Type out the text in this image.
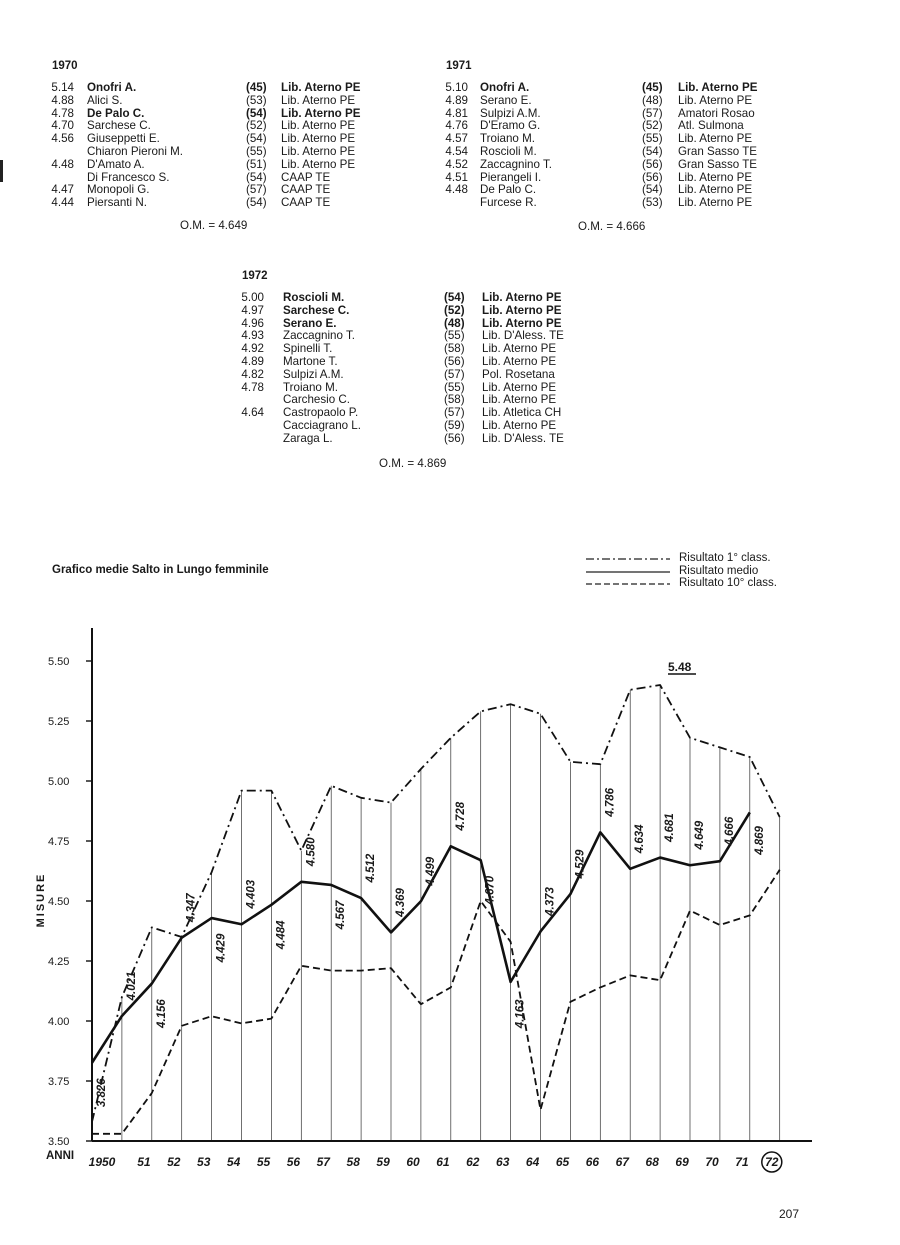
1970
5.14 Onofri A.	(45) Lib. Aterno PE
4.88 Alici S.	(53) Lib. Aterno PE
4.78 De Palo C.	(54) Lib. Aterno PE
4.70 Sarchese C.	(52) Lib. Aterno PE
4.56 Giuseppetti E.	(54) Lib. Aterno PE
Chiaron Pieroni M.	(55) Lib. Aterno PE
4.48 D'Amato A.	(51) Lib. Aterno PE
Di Francesco S.	(54) CAAP TE
4.47 Monopoli G.	(57) CAAP TE
4.44 Piersanti N.	(54) CAAP TE
O.M. = 4.649
1971
5.10 Onofri A.	(45) Lib. Aterno PE
4.89 Serano E.	(48) Lib. Aterno PE
4.81 Sulpizi A.M.	(57) Amatori Rosao
4.76 D'Eramo G.	(52) Atl. Sulmona
4.57 Troiano M.	(55) Lib. Aterno PE
4.54 Roscioli M.	(54) Gran Sasso TE
4.52 Zaccagnino T.	(56) Gran Sasso TE
4.51 Pierangeli I.	(56) Lib. Aterno PE
4.48 De Palo C.	(54) Lib. Aterno PE
Furcese R.	(53) Lib. Aterno PE
O.M. = 4.666
1972
5.00 Roscioli M.	(54) Lib. Aterno PE
4.97 Sarchese C.	(52) Lib. Aterno PE
4.96 Serano E.	(48) Lib. Aterno PE
4.93 Zaccagnino T.	(55) Lib. D'Aless. TE
4.92 Spinelli T.	(58) Lib. Aterno PE
4.89 Martone T.	(56) Lib. Aterno PE
4.82 Sulpizi A.M.	(57) Pol. Rosetana
4.78 Troiano M.	(55) Lib. Aterno PE
Carchesio C.	(58) Lib. Aterno PE
4.64 Castropaolo P.	(57) Lib. Atletica CH
Cacciagrano L.	(59) Lib. Aterno PE
Zaraga L.	(56) Lib. D'Aless. TE
O.M. = 4.869
Grafico medie Salto in Lungo femminile
Risultato 1° class.
Risultato medio
Risultato 10° class.
MISURE
3.50
3.75
4.00
4.25
4.50
4.75
5.00
5.25
5.50
ANNI 1950 51 52 53 54 55 56 57 58 59 60 61 62 63 64 65 66 67 68 69 70 71 72
3.826
4.021
4.156
4.347
4.429
4.403
4.484
4.580
4.567
4.512
4.369
4.499
4.728
4.670
4.163
4.373
4.529
4.786
4.634 4.681 4.649 4.666 4.869
5.48
207
